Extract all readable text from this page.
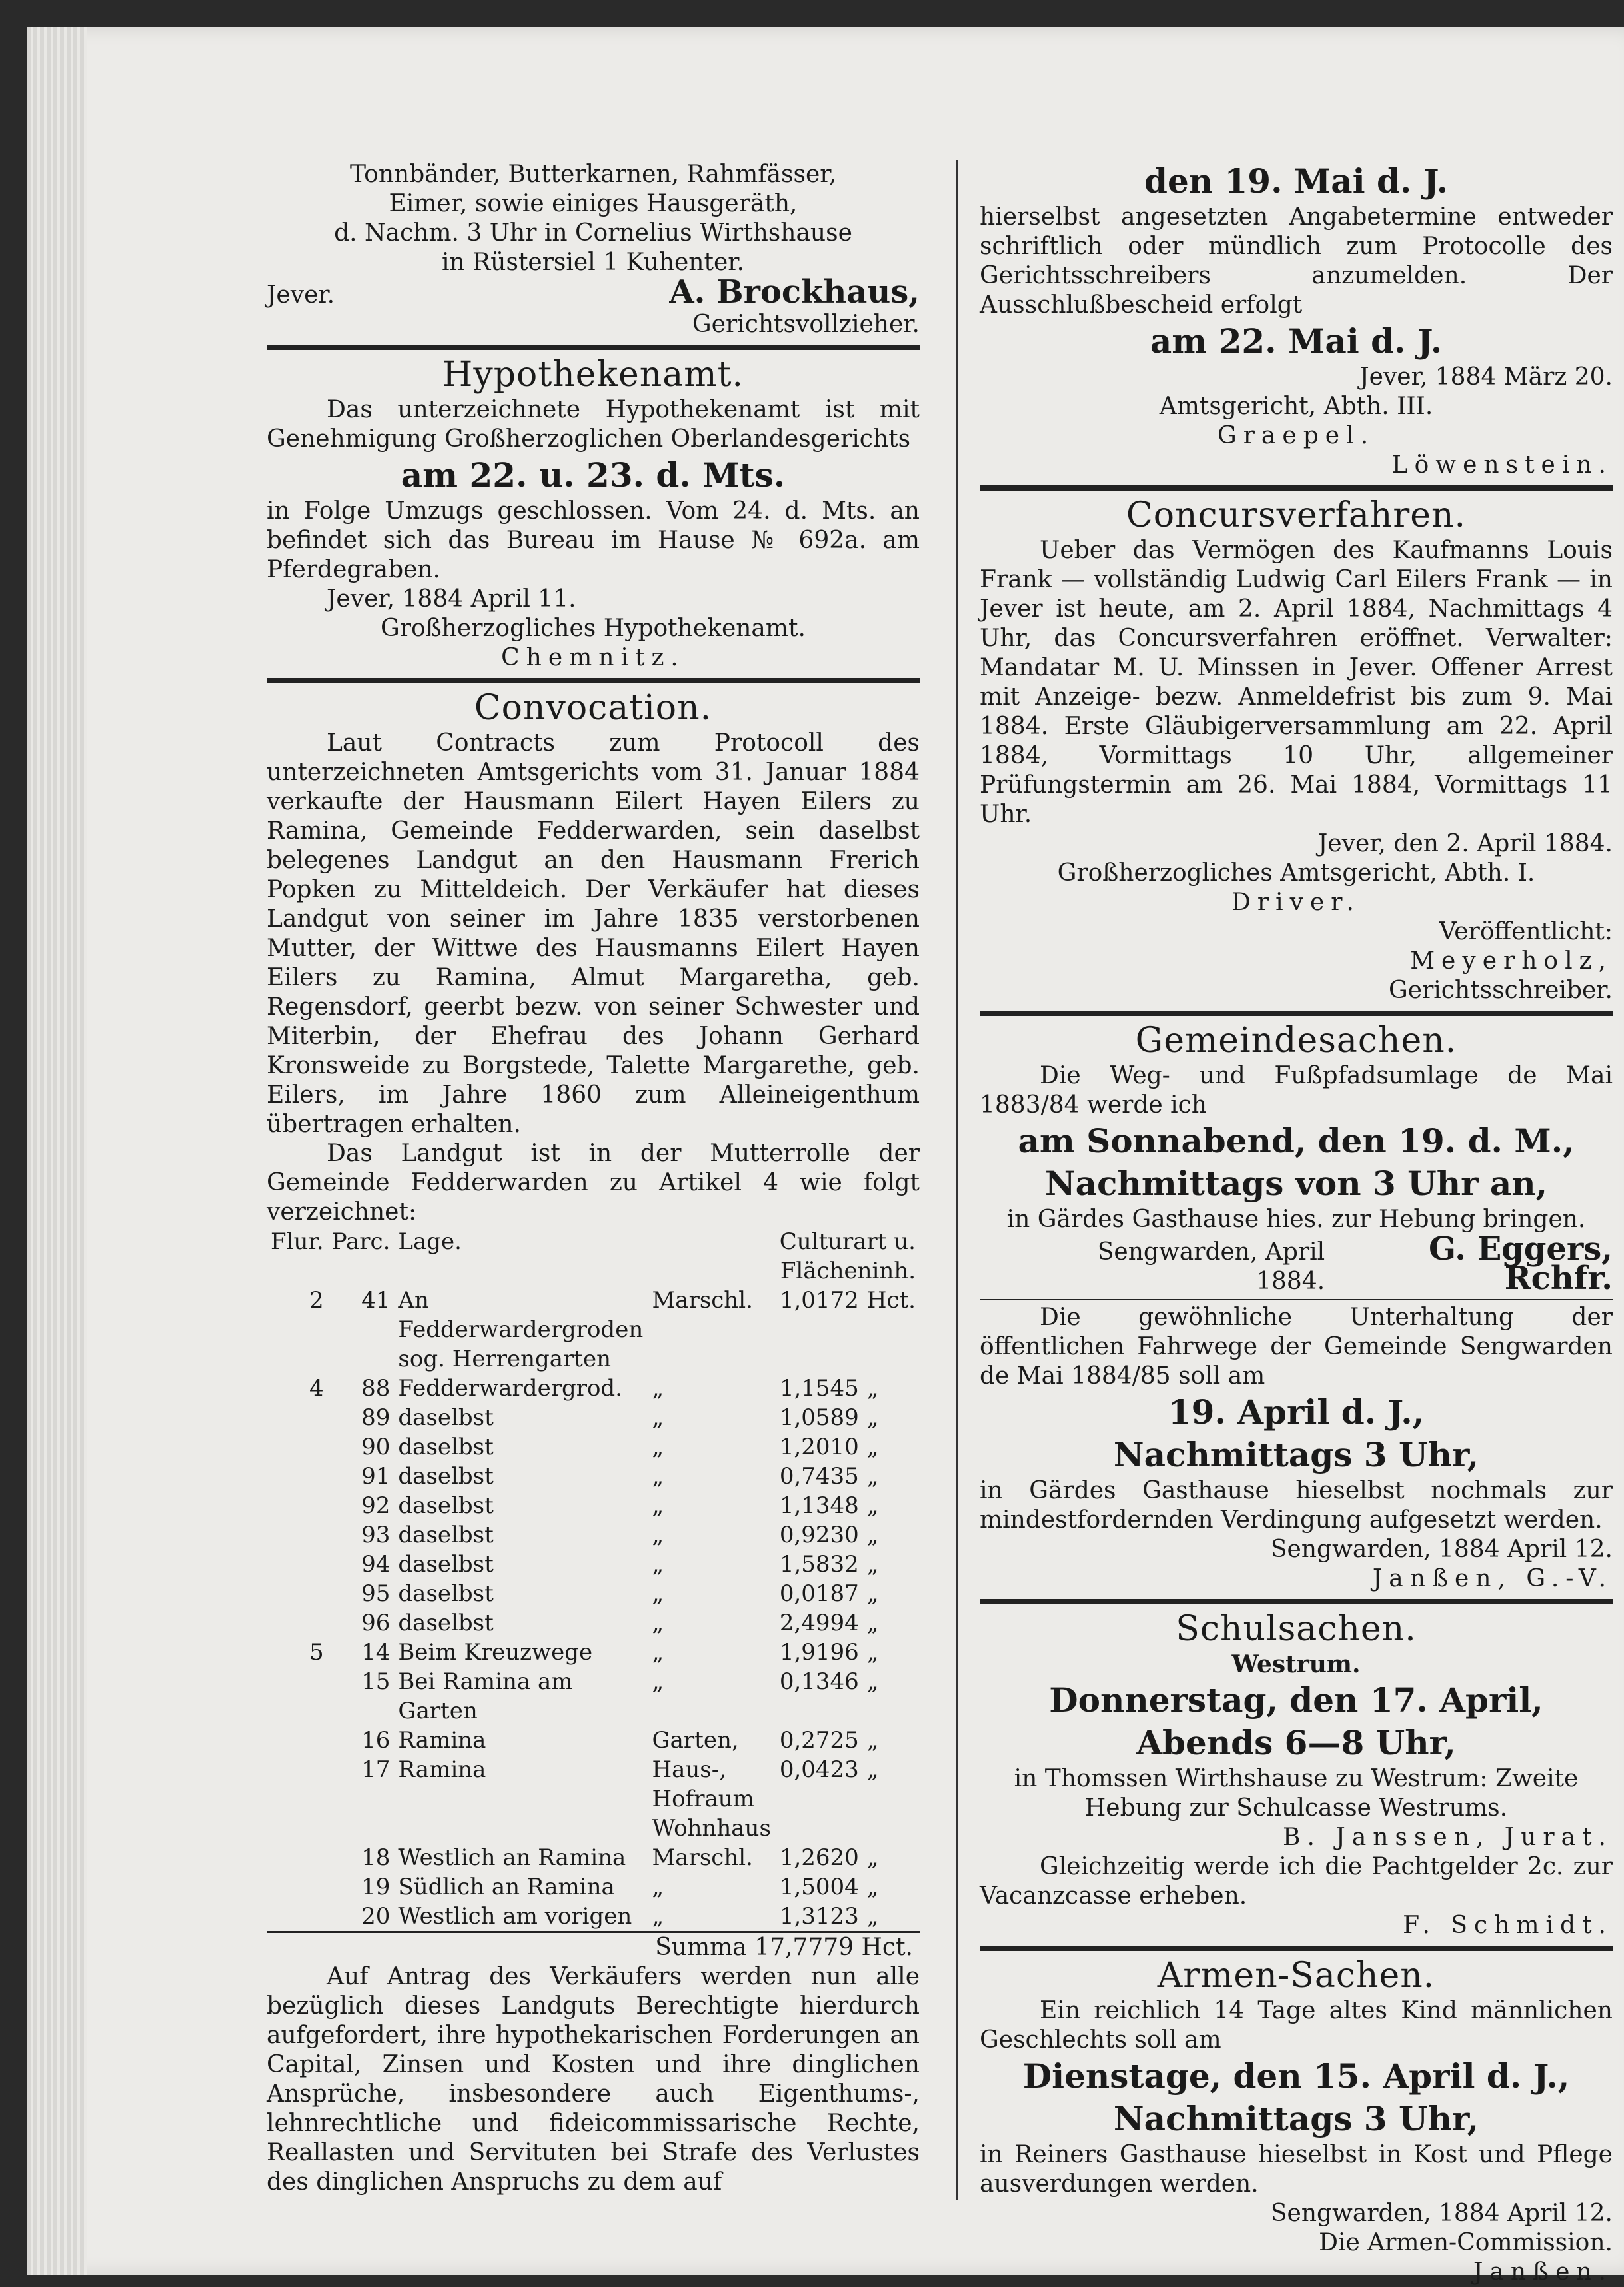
Tonnbänder, Butterkarnen, Rahmfässer,

Eimer, sowie einiges Hausgeräth,

d. Nachm. 3 Uhr in Cornelius Wirthshause

in Rüstersiel 1 Kuhenter.

Jever.	A. Brockhaus,

Gerichtsvollzieher.

Hypothekenamt.

Das unterzeichnete Hypothekenamt ist mit Genehmigung Großherzoglichen Oberlandesgerichts

am 22. u. 23. d. Mts.

in Folge Umzugs geschlossen. Vom 24. d. Mts. an befindet sich das Bureau im Hause № 692a. am Pferdegraben.

Jever, 1884 April 11.

Großherzogliches Hypothekenamt.

Chemnitz.

Convocation.

Laut Contracts zum Protocoll des unterzeichneten Amtsgerichts vom 31. Januar 1884 verkaufte der Hausmann Eilert Hayen Eilers zu Ramina, Gemeinde Fedderwarden, sein daselbst belegenes Landgut an den Hausmann Frerich Popken zu Mitteldeich. Der Verkäufer hat dieses Landgut von seiner im Jahre 1835 verstorbenen Mutter, der Wittwe des Hausmanns Eilert Hayen Eilers zu Ramina, Almut Margaretha, geb. Regensdorf, geerbt bezw. von seiner Schwester und Miterbin, der Ehefrau des Johann Gerhard Kronsweide zu Borgstede, Talette Margarethe, geb. Eilers, im Jahre 1860 zum Alleineigenthum übertragen erhalten.

Das Landgut ist in der Mutterrolle der Gemeinde Fedderwarden zu Artikel 4 wie folgt verzeichnet:

Flur.	Parc.	Lage.	Culturart u. Flächeninh.		
2	41	An Fedderwardergroden sog. Herrengarten	Marschl.	1,0172	Hct.
4	88	Fedderwardergrod.	„	1,1545	„
	89	daselbst	„	1,0589	„
	90	daselbst	„	1,2010	„
	91	daselbst	„	0,7435	„
	92	daselbst	„	1,1348	„
	93	daselbst	„	0,9230	„
	94	daselbst	„	1,5832	„
	95	daselbst	„	0,0187	„
	96	daselbst	„	2,4994	„
5	14	Beim Kreuzwege	„	1,9196	„
	15	Bei Ramina am Garten	„	0,1346	„
	16	Ramina	Garten,	0,2725	„
	17	Ramina	Haus-, Hofraum Wohnhaus	0,0423	„
	18	Westlich an Ramina	Marschl.	1,2620	„
	19	Südlich an Ramina	„	1,5004	„
	20	Westlich am vorigen	„	1,3123	„

Summa 17,7779 Hct.

Auf Antrag des Verkäufers werden nun alle bezüglich dieses Landguts Berechtigte hierdurch aufgefordert, ihre hypothekarischen Forderungen an Capital, Zinsen und Kosten und ihre dinglichen Ansprüche, insbesondere auch Eigenthums-, lehnrechtliche und fideicommissarische Rechte, Reallasten und Servituten bei Strafe des Verlustes des dinglichen Anspruchs zu dem auf

den 19. Mai d. J.

hierselbst angesetzten Angabetermine entweder schriftlich oder mündlich zum Protocolle des Gerichtsschreibers anzumelden. Der Ausschlußbescheid erfolgt

am 22. Mai d. J.

Jever, 1884 März 20.

Amtsgericht, Abth. III.

Graepel.

Löwenstein.

Concursverfahren.

Ueber das Vermögen des Kaufmanns Louis Frank — vollständig Ludwig Carl Eilers Frank — in Jever ist heute, am 2. April 1884, Nachmittags 4 Uhr, das Concursverfahren eröffnet. Verwalter: Mandatar M. U. Minssen in Jever. Offener Arrest mit Anzeige- bezw. Anmeldefrist bis zum 9. Mai 1884. Erste Gläubigerversammlung am 22. April 1884, Vormittags 10 Uhr, allgemeiner Prüfungstermin am 26. Mai 1884, Vormittags 11 Uhr.

Jever, den 2. April 1884.

Großherzogliches Amtsgericht, Abth. I.

Driver.

Veröffentlicht:

Meyerholz,

Gerichtsschreiber.

Gemeindesachen.

Die Weg- und Fußpfadsumlage de Mai 1883/84 werde ich

am Sonnabend, den 19. d. M.,

Nachmittags von 3 Uhr an,

in Gärdes Gasthause hies. zur Hebung bringen.

Sengwarden, April 1884.
G. Eggers, Rchfr.

Die gewöhnliche Unterhaltung der öffentlichen Fahrwege der Gemeinde Sengwarden de Mai 1884/85 soll am

19. April d. J.,

Nachmittags 3 Uhr,

in Gärdes Gasthause hieselbst nochmals zur mindestfordernden Verdingung aufgesetzt werden.

Sengwarden, 1884 April 12.

Janßen, G.-V.

Schulsachen.

Westrum.

Donnerstag, den 17. April,

Abends 6—8 Uhr,

in Thomssen Wirthshause zu Westrum: Zweite Hebung zur Schulcasse Westrums.

B. Janssen, Jurat.

Gleichzeitig werde ich die Pachtgelder 2c. zur Vacanzcasse erheben.

F. Schmidt.

Armen-Sachen.

Ein reichlich 14 Tage altes Kind männlichen Geschlechts soll am

Dienstage, den 15. April d. J.,

Nachmittags 3 Uhr,

in Reiners Gasthause hieselbst in Kost und Pflege ausverdungen werden.

Sengwarden, 1884 April 12.

Die Armen-Commission.

Janßen.
